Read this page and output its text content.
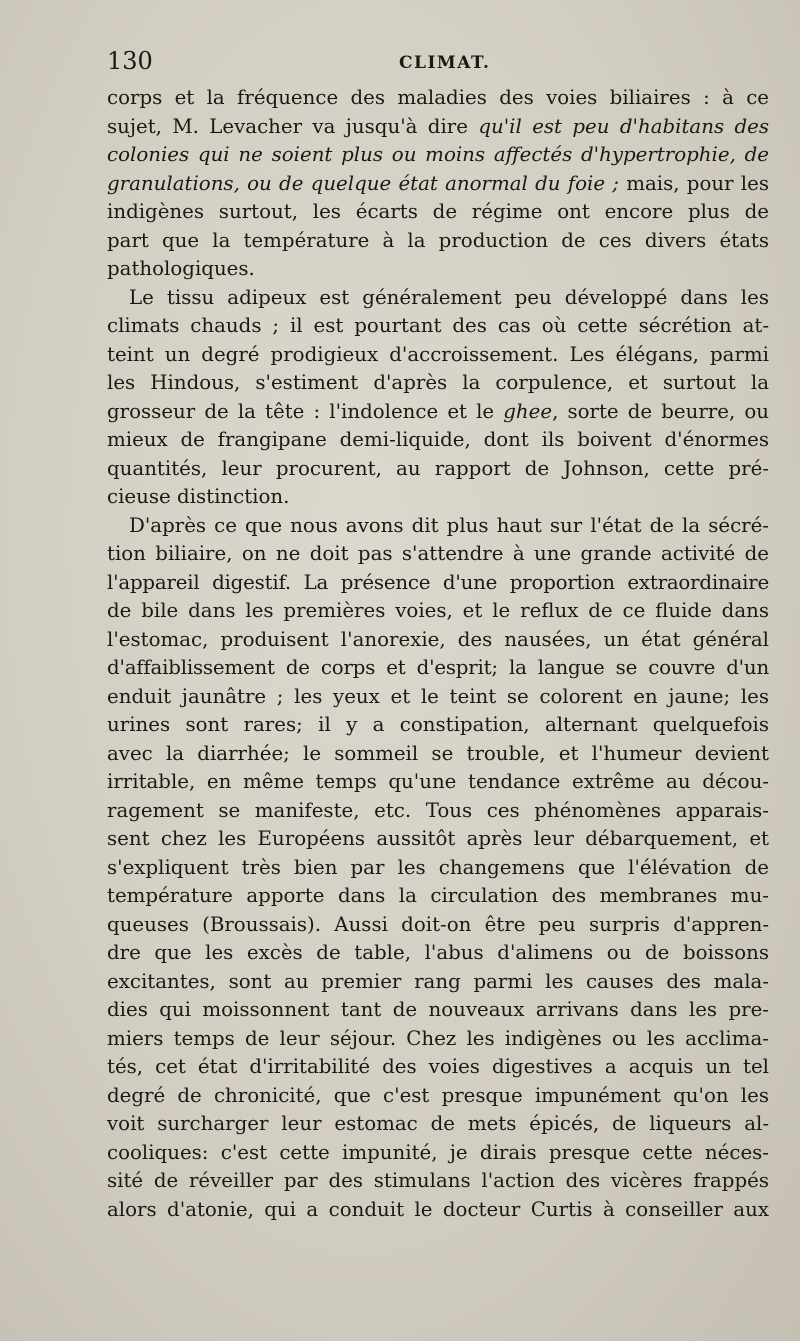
130	CLIMAT.
corps et la fréquence des maladies des voies biliaires : à ce
sujet, M. Levacher va jusqu'à dire qu'il est peu d'habitans des
colonies qui ne soient plus ou moins affectés d'hypertrophie, de
granulations, ou de quelque état anormal du foie ; mais, pour les
indigènes surtout, les écarts de régime ont encore plus de
part que la température à la production de ces divers états
pathologiques.
Le tissu adipeux est généralement peu développé dans les
climats chauds ; il est pourtant des cas où cette sécrétion at-
teint un degré prodigieux d'accroissement. Les élégans, parmi
les Hindous, s'estiment d'après la corpulence, et surtout la
grosseur de la tête : l'indolence et le ghee, sorte de beurre, ou
mieux de frangipane demi-liquide, dont ils boivent d'énormes
quantités, leur procurent, au rapport de Johnson, cette pré-
cieuse distinction.
D'après ce que nous avons dit plus haut sur l'état de la sécré-
tion biliaire, on ne doit pas s'attendre à une grande activité de
l'appareil digestif. La présence d'une proportion extraordinaire
de bile dans les premières voies, et le reflux de ce fluide dans
l'estomac, produisent l'anorexie, des nausées, un état général
d'affaiblissement de corps et d'esprit; la langue se couvre d'un
enduit jaunâtre ; les yeux et le teint se colorent en jaune; les
urines sont rares; il y a constipation, alternant quelquefois
avec la diarrhée; le sommeil se trouble, et l'humeur devient
irritable, en même temps qu'une tendance extrême au décou-
ragement se manifeste, etc. Tous ces phénomènes apparais-
sent chez les Européens aussitôt après leur débarquement, et
s'expliquent très bien par les changemens que l'élévation de
température apporte dans la circulation des membranes mu-
queuses (Broussais). Aussi doit-on être peu surpris d'appren-
dre que les excès de table, l'abus d'alimens ou de boissons
excitantes, sont au premier rang parmi les causes des mala-
dies qui moissonnent tant de nouveaux arrivans dans les pre-
miers temps de leur séjour. Chez les indigènes ou les acclima-
tés, cet état d'irritabilité des voies digestives a acquis un tel
degré de chronicité, que c'est presque impunément qu'on les
voit surcharger leur estomac de mets épicés, de liqueurs al-
cooliques: c'est cette impunité, je dirais presque cette néces-
sité de réveiller par des stimulans l'action des vicères frappés
alors d'atonie, qui a conduit le docteur Curtis à conseiller aux
